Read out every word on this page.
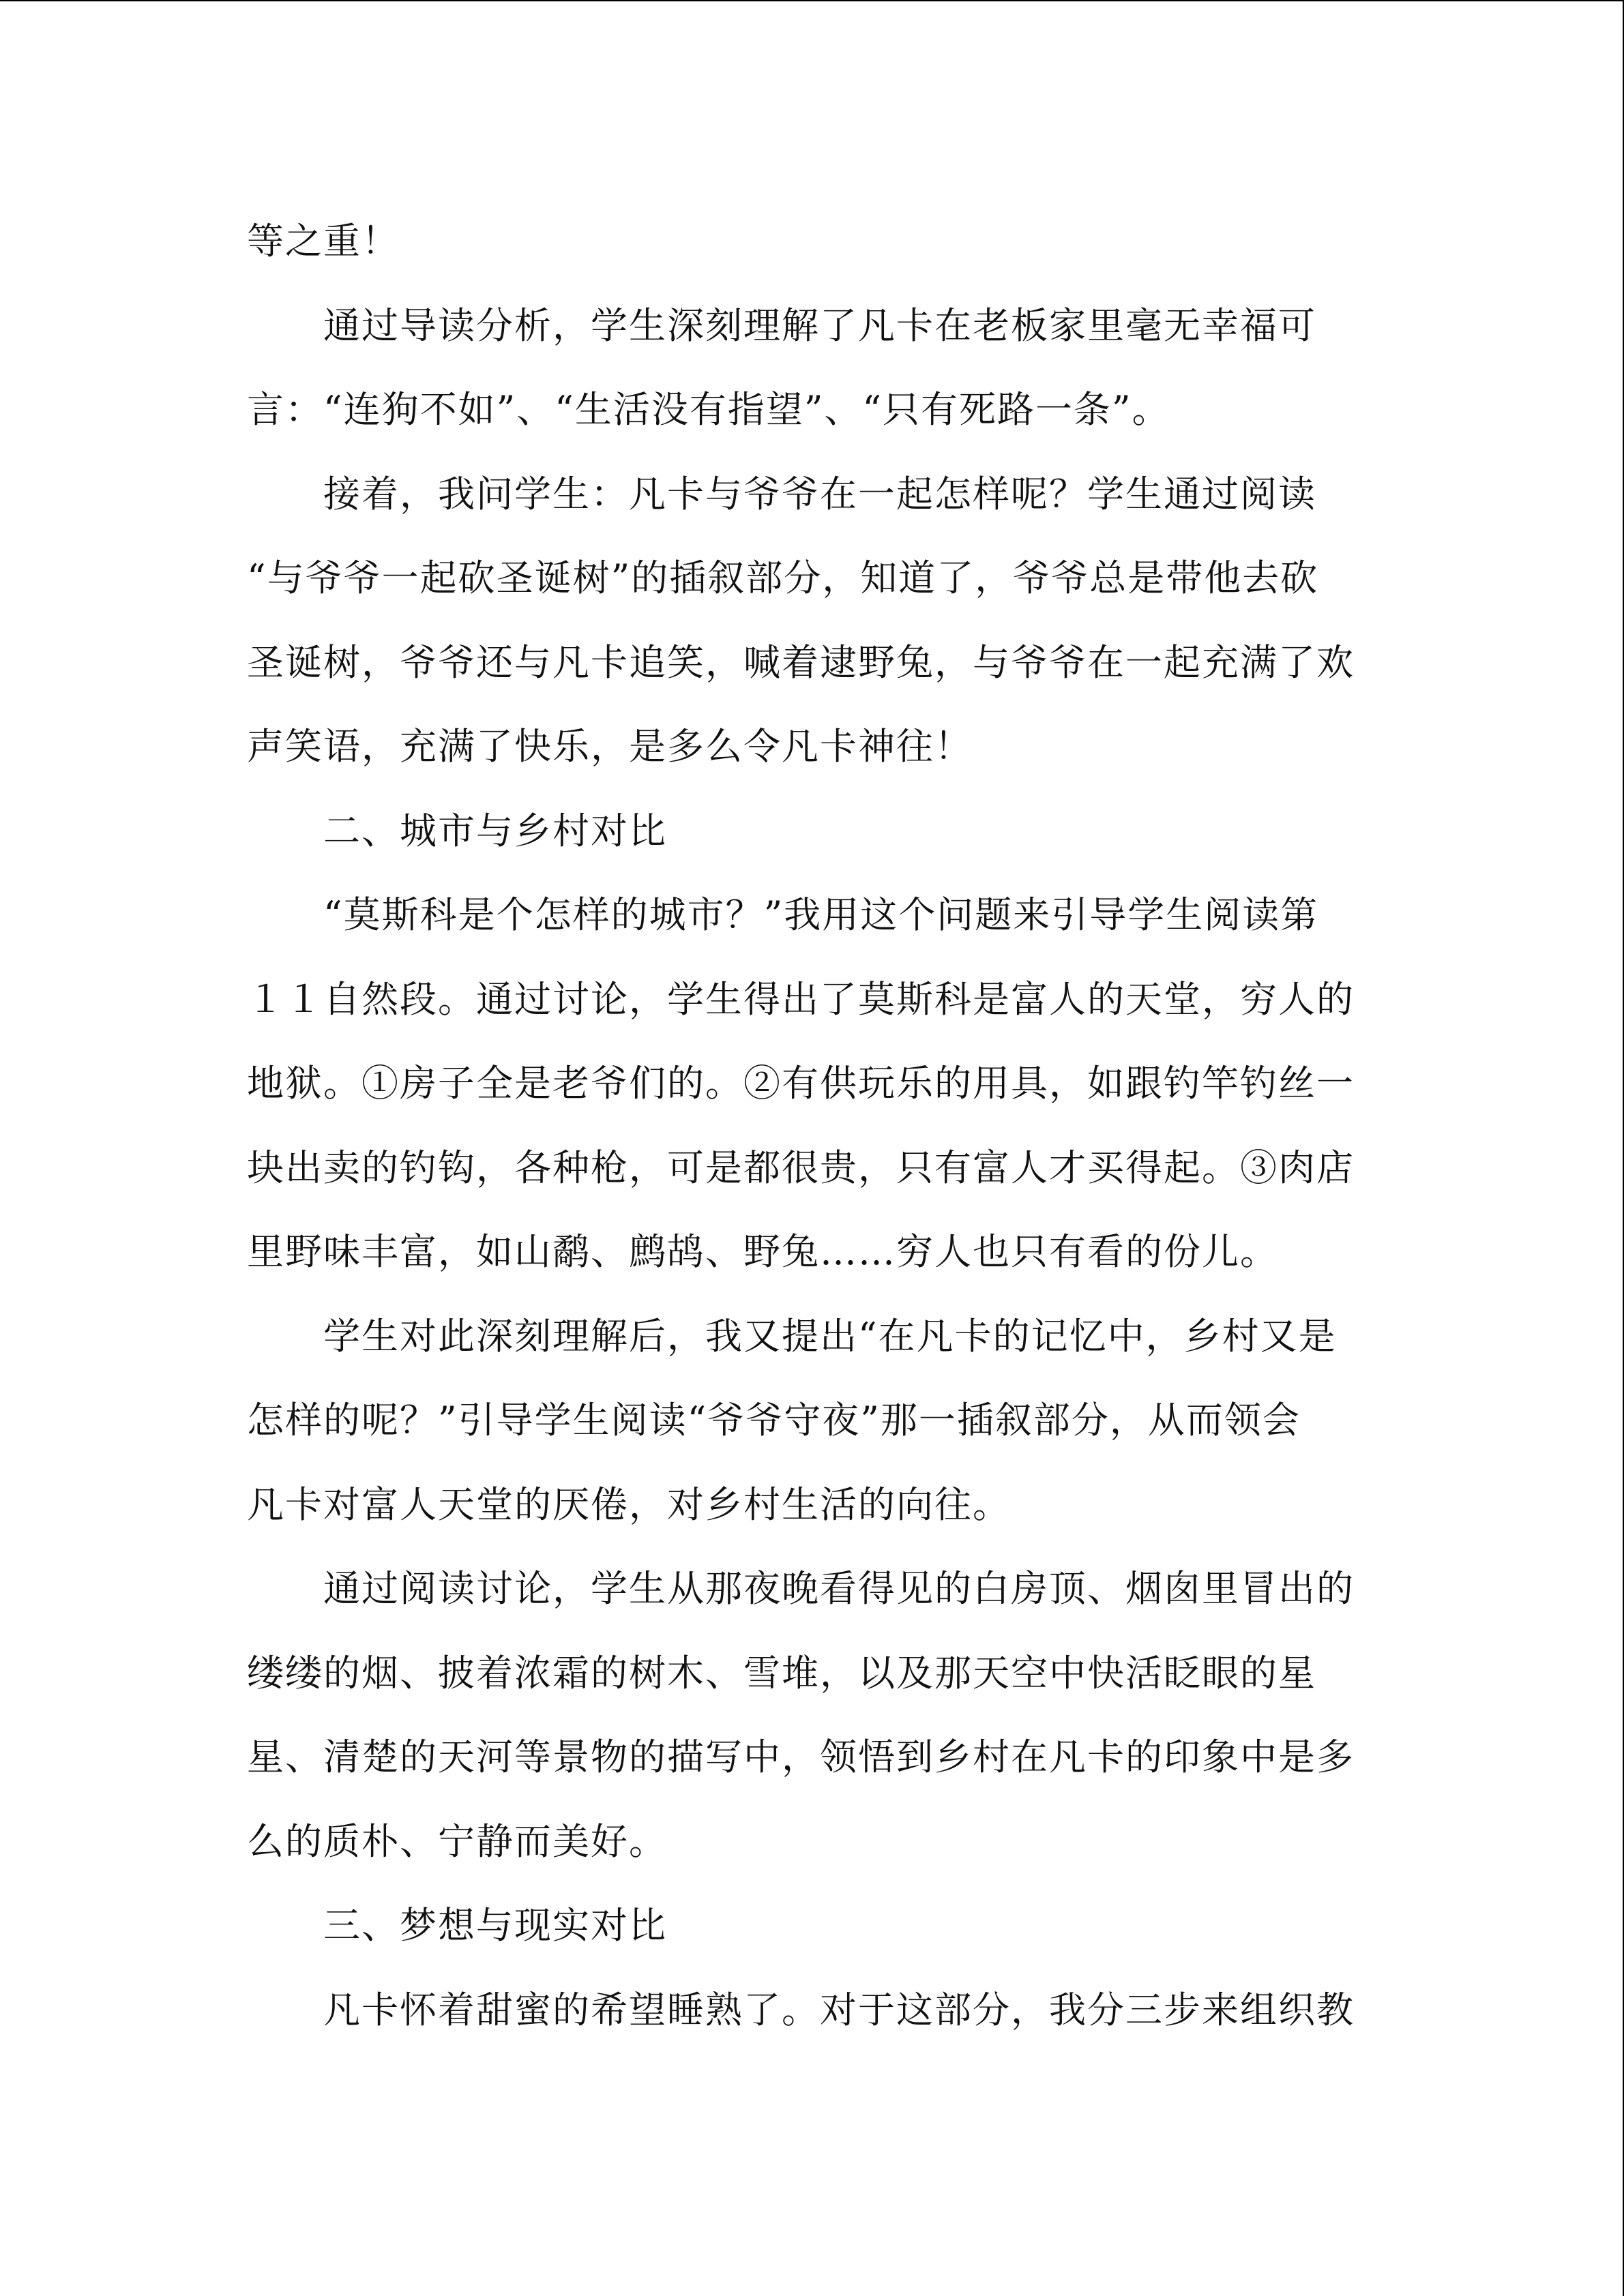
等之重！
通过导读分析，学生深刻理解了凡卡在老板家里毫无幸福可
言：“连狗不如”、“生活没有指望”、“只有死路一条”。
接着，我问学生：凡卡与爷爷在一起怎样呢？学生通过阅读
“与爷爷一起砍圣诞树”的插叙部分，知道了，爷爷总是带他去砍
圣诞树，爷爷还与凡卡追笑，喊着逮野兔，与爷爷在一起充满了欢
声笑语，充满了快乐，是多么令凡卡神往！
二、城市与乡村对比
“莫斯科是个怎样的城市？”我用这个问题来引导学生阅读第
１１自然段。通过讨论，学生得出了莫斯科是富人的天堂，穷人的
地狱。①房子全是老爷们的。②有供玩乐的用具，如跟钓竿钓丝一
块出卖的钓钩，各种枪，可是都很贵，只有富人才买得起。③肉店
里野味丰富，如山鹬、鹧鸪、野兔……穷人也只有看的份儿。
学生对此深刻理解后，我又提出“在凡卡的记忆中，乡村又是
怎样的呢？”引导学生阅读“爷爷守夜”那一插叙部分，从而领会
凡卡对富人天堂的厌倦，对乡村生活的向往。
通过阅读讨论，学生从那夜晚看得见的白房顶、烟囱里冒出的
缕缕的烟、披着浓霜的树木、雪堆，以及那天空中快活眨眼的星
星、清楚的天河等景物的描写中，领悟到乡村在凡卡的印象中是多
么的质朴、宁静而美好。
三、梦想与现实对比
凡卡怀着甜蜜的希望睡熟了。对于这部分，我分三步来组织教
